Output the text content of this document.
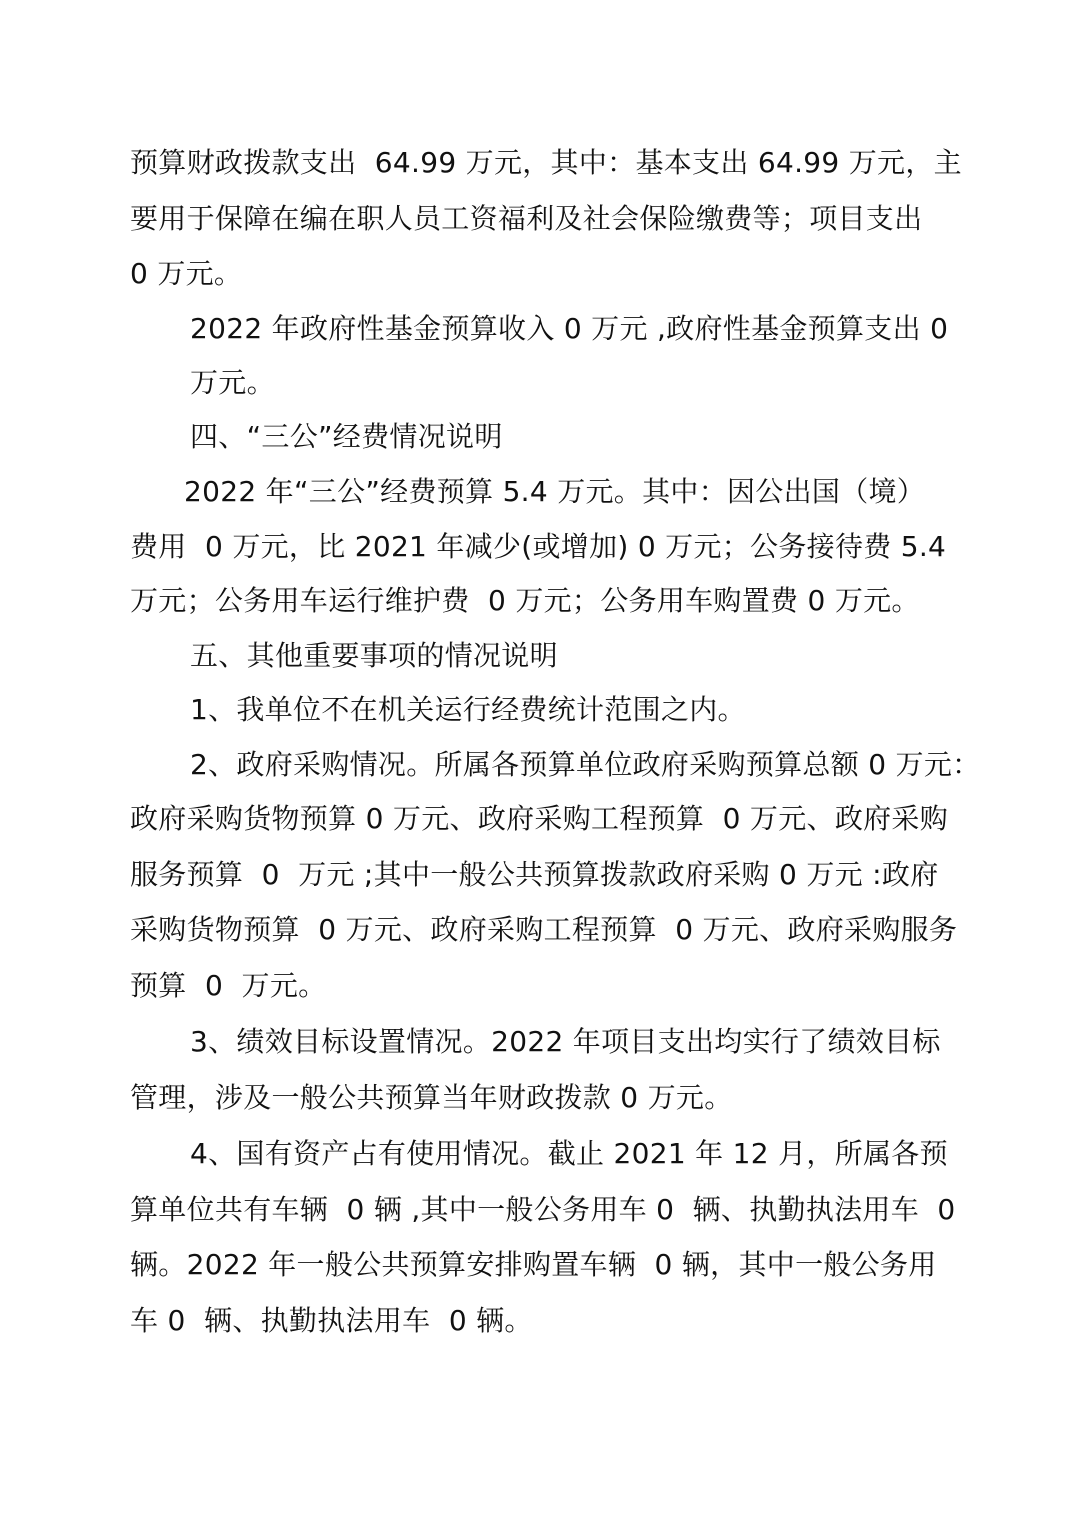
预算财政拨款支出  64.99 万元，其中：基本支出 64.99 万元，主
要用于保障在编在职人员工资福利及社会保险缴费等；项目支出
0 万元。
2022 年政府性基金预算收入 0 万元 ,政府性基金预算支出 0
万元。
四、“三公”经费情况说明
2022 年“三公”经费预算 5.4 万元。其中：因公出国（境）
费用  0 万元，比 2021 年减少(或增加) 0 万元；公务接待费 5.4
万元；公务用车运行维护费  0 万元；公务用车购置费 0 万元。
五、其他重要事项的情况说明
1、我单位不在机关运行经费统计范围之内。
2、政府采购情况。所属各预算单位政府采购预算总额 0 万元：
政府采购货物预算 0 万元、政府采购工程预算  0 万元、政府采购
服务预算  0  万元 ;其中一般公共预算拨款政府采购 0 万元 :政府
采购货物预算  0 万元、政府采购工程预算  0 万元、政府采购服务
预算  0  万元。
3、绩效目标设置情况。2022 年项目支出均实行了绩效目标
管理，涉及一般公共预算当年财政拨款 0 万元。
4、国有资产占有使用情况。截止 2021 年 12 月，所属各预
算单位共有车辆  0 辆 ,其中一般公务用车 0  辆、执勤执法用车  0
辆。2022 年一般公共预算安排购置车辆  0 辆，其中一般公务用
车 0  辆、执勤执法用车  0 辆。
